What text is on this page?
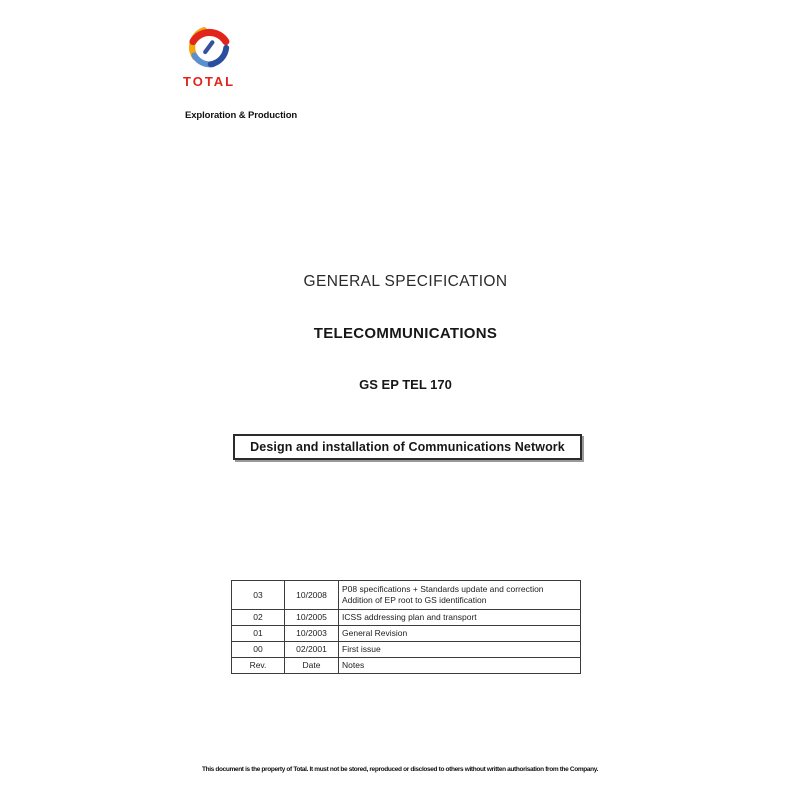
TOTAL
Exploration & Production
GENERAL SPECIFICATION
TELECOMMUNICATIONS
GS EP TEL 170
Design and installation of Communications Network
03	10/2008	P08 specifications + Standards update and correction
Addition of EP root to GS identification

02	10/2005	ICSS addressing plan and transport
01	10/2003	General Revision
00	02/2001	First issue
Rev.	Date	Notes
This document is the property of Total. It must not be stored, reproduced or disclosed to others without written authorisation from the Company.
